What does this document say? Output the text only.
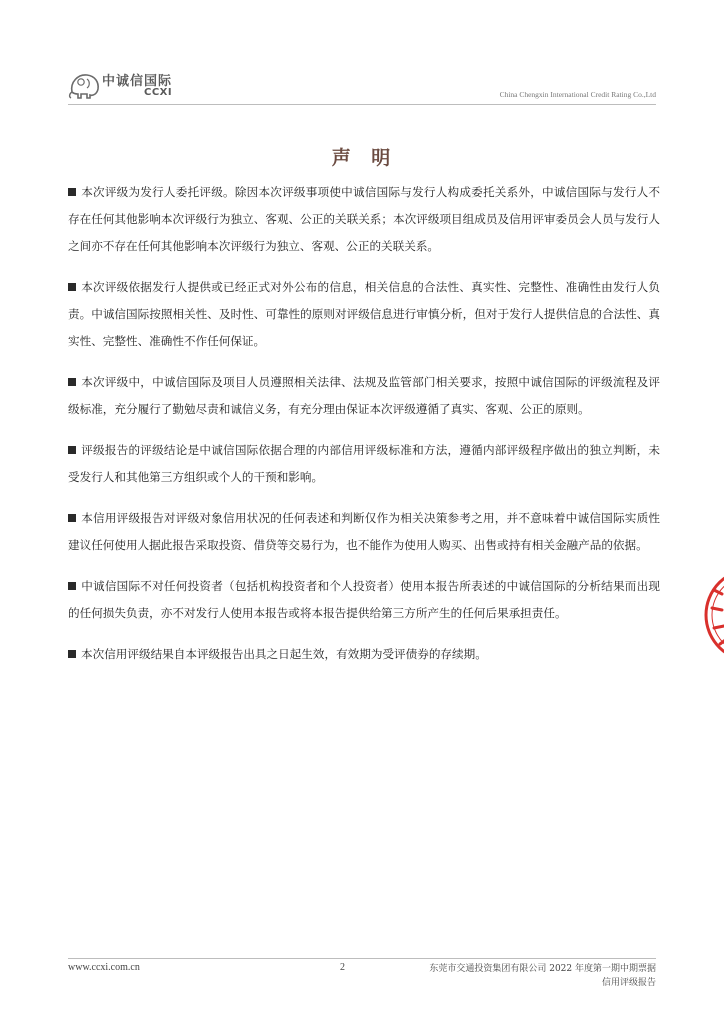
中诚信国际
CCXI	China Chengxin International Credit Rating Co.,Ltd
声 明

本次评级为发行人委托评级。除因本次评级事项使中诚信国际与发行人构成委托关系外，中诚信国际与发行人不存在任何其他影响本次评级行为独立、客观、公正的关联关系；本次评级项目组成员及信用评审委员会人员与发行人之间亦不存在任何其他影响本次评级行为独立、客观、公正的关联关系。

本次评级依据发行人提供或已经正式对外公布的信息，相关信息的合法性、真实性、完整性、准确性由发行人负责。中诚信国际按照相关性、及时性、可靠性的原则对评级信息进行审慎分析，但对于发行人提供信息的合法性、真实性、完整性、准确性不作任何保证。

本次评级中，中诚信国际及项目人员遵照相关法律、法规及监管部门相关要求，按照中诚信国际的评级流程及评级标准，充分履行了勤勉尽责和诚信义务，有充分理由保证本次评级遵循了真实、客观、公正的原则。

评级报告的评级结论是中诚信国际依据合理的内部信用评级标准和方法，遵循内部评级程序做出的独立判断，未受发行人和其他第三方组织或个人的干预和影响。

本信用评级报告对评级对象信用状况的任何表述和判断仅作为相关决策参考之用，并不意味着中诚信国际实质性建议任何使用人据此报告采取投资、借贷等交易行为，也不能作为使用人购买、出售或持有相关金融产品的依据。

中诚信国际不对任何投资者（包括机构投资者和个人投资者）使用本报告所表述的中诚信国际的分析结果而出现的任何损失负责，亦不对发行人使用本报告或将本报告提供给第三方所产生的任何后果承担责任。

本次信用评级结果自本评级报告出具之日起生效，有效期为受评债券的存续期。

www.ccxi.com.cn	2	东莞市交通投资集团有限公司 2022 年度第一期中期票据
信用评级报告
